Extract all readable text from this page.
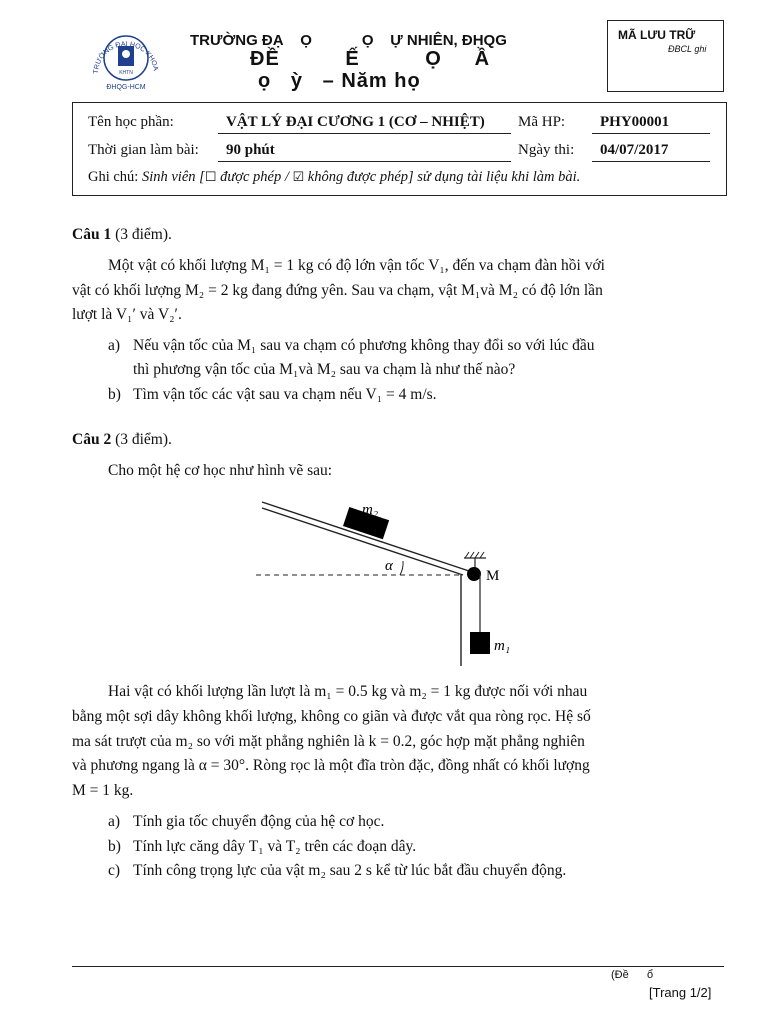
TRƯỜNG ĐẠI HỌC KHOA
KHTN
ĐHQG-HCM
TRƯỜNG ĐẠ    Ọ            Ọ    Ự NHIÊN, ĐHQG
ĐỀ          Ế          Ọ     Ầ
ọ   ỳ   – Năm họ
MÃ LƯU TRỮ
ĐBCL ghi
Tên học phần:	VẬT LÝ ĐẠI CƯƠNG 1 (CƠ – NHIỆT) Mã HP: PHY00001
Thời gian làm bài: 90 phút	Ngày thi: 04/07/2017
Ghi chú: Sinh viên [☐ được phép / ☑ không được phép] sử dụng tài liệu khi làm bài.
Câu 1 (3 điểm).
Một vật có khối lượng M₁ = 1 kg có độ lớn vận tốc V₁, đến va chạm đàn hồi với
vật có khối lượng M₂ = 2 kg đang đứng yên. Sau va chạm, vật M₁và M₂ có độ lớn lần
lượt là V₁′ và V₂′.
a) Nếu vận tốc của M₁ sau va chạm có phương không thay đổi so với lúc đầu
thì phương vận tốc của M₁và M₂ sau va chạm là như thế nào?
b) Tìm vận tốc các vật sau va chạm nếu V₁ = 4 m/s.
Câu 2 (3 điểm).
Cho một hệ cơ học như hình vẽ sau:
m₂
α
M
m₁
Hai vật có khối lượng lần lượt là m₁ = 0.5 kg và m₂ = 1 kg được nối với nhau
bằng một sợi dây không khối lượng, không co giãn và được vắt qua ròng rọc. Hệ số
ma sát trượt của m₂ so với mặt phẳng nghiên là k = 0.2, góc hợp mặt phẳng nghiên
và phương ngang là α = 30°. Ròng rọc là một đĩa tròn đặc, đồng nhất có khối lượng
M = 1 kg.
a) Tính gia tốc chuyển động của hệ cơ học.
b) Tính lực căng dây T₁ và T₂ trên các đoạn dây.
c) Tính công trọng lực của vật m₂ sau 2 s kể từ lúc bắt đầu chuyển động.
(Đề      ổ
[Trang 1/2]
